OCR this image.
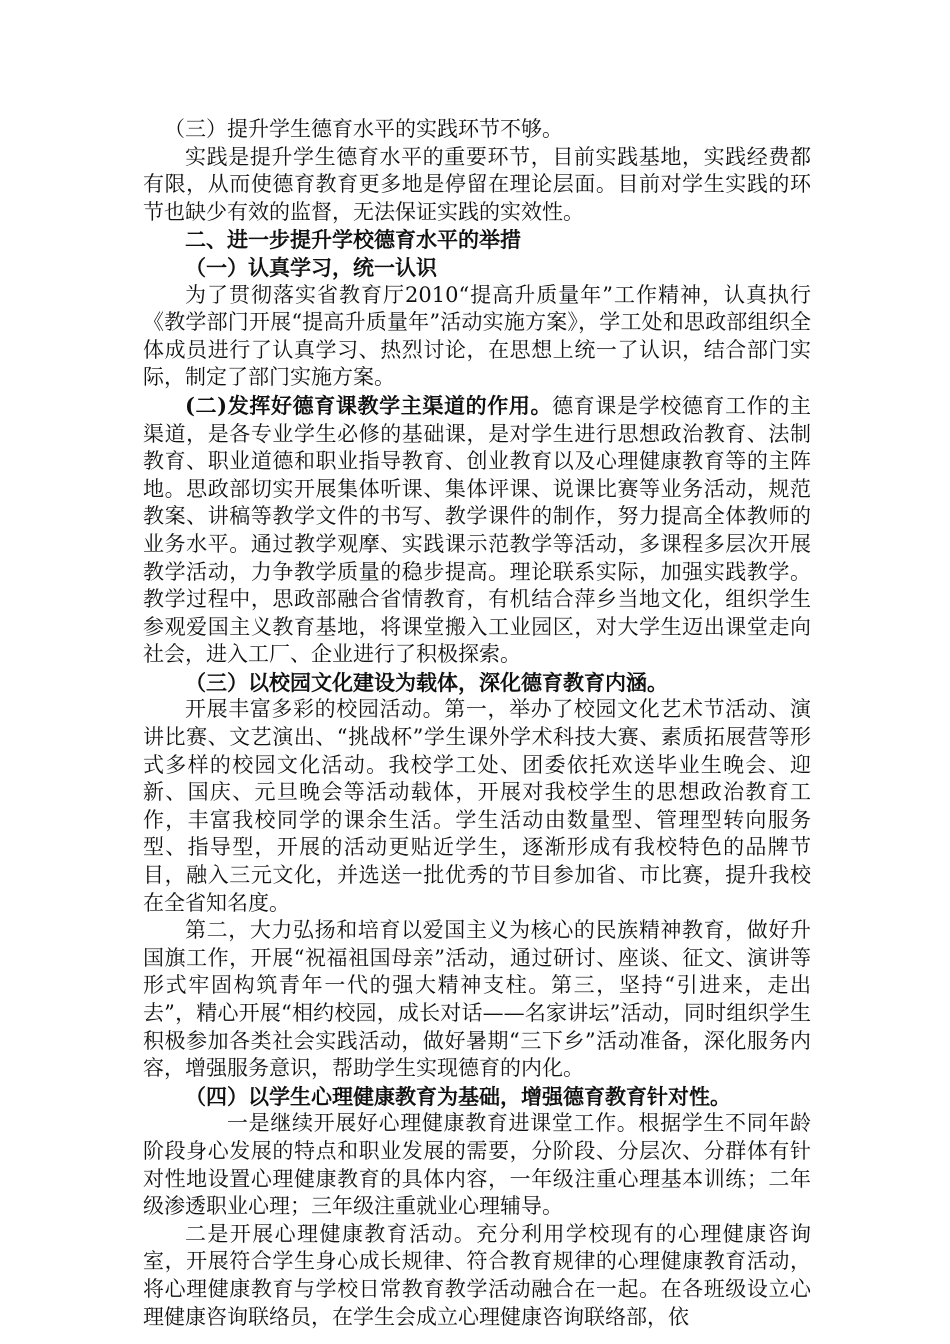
（三）提升学生德育水平的实践环节不够。

实践是提升学生德育水平的重要环节，目前实践基地，实践经费都有限，从而使德育教育更多地是停留在理论层面。目前对学生实践的环节也缺少有效的监督，无法保证实践的实效性。

二、进一步提升学校德育水平的举措

（一）认真学习，统一认识

为了贯彻落实省教育厅2010“提高升质量年”工作精神，认真执行《教学部门开展“提高升质量年”活动实施方案》，学工处和思政部组织全体成员进行了认真学习、热烈讨论，在思想上统一了认识，结合部门实际，制定了部门实施方案。

(二)发挥好德育课教学主渠道的作用。德育课是学校德育工作的主渠道，是各专业学生必修的基础课，是对学生进行思想政治教育、法制教育、职业道德和职业指导教育、创业教育以及心理健康教育等的主阵地。思政部切实开展集体听课、集体评课、说课比赛等业务活动，规范教案、讲稿等教学文件的书写、教学课件的制作，努力提高全体教师的业务水平。通过教学观摩、实践课示范教学等活动，多课程多层次开展教学活动，力争教学质量的稳步提高。理论联系实际，加强实践教学。教学过程中，思政部融合省情教育，有机结合萍乡当地文化，组织学生参观爱国主义教育基地，将课堂搬入工业园区，对大学生迈出课堂走向社会，进入工厂、企业进行了积极探索。

（三）以校园文化建设为载体，深化德育教育内涵。

开展丰富多彩的校园活动。第一，举办了校园文化艺术节活动、演讲比赛、文艺演出、“挑战杯”学生课外学术科技大赛、素质拓展营等形式多样的校园文化活动。我校学工处、团委依托欢送毕业生晚会、迎新、国庆、元旦晚会等活动载体，开展对我校学生的思想政治教育工作，丰富我校同学的课余生活。学生活动由数量型、管理型转向服务型、指导型，开展的活动更贴近学生，逐渐形成有我校特色的品牌节目，融入三元文化，并选送一批优秀的节目参加省、市比赛，提升我校在全省知名度。

第二，大力弘扬和培育以爱国主义为核心的民族精神教育，做好升国旗工作，开展“祝福祖国母亲”活动，通过研讨、座谈、征文、演讲等形式牢固构筑青年一代的强大精神支柱。第三，坚持“引进来，走出去”，精心开展“相约校园，成长对话——名家讲坛”活动，同时组织学生积极参加各类社会实践活动，做好暑期“三下乡”活动准备，深化服务内容，增强服务意识，帮助学生实现德育的内化。

（四）以学生心理健康教育为基础，增强德育教育针对性。

一是继续开展好心理健康教育进课堂工作。根据学生不同年龄阶段身心发展的特点和职业发展的需要，分阶段、分层次、分群体有针对性地设置心理健康教育的具体内容，一年级注重心理基本训练；二年级渗透职业心理；三年级注重就业心理辅导。

二是开展心理健康教育活动。充分利用学校现有的心理健康咨询室，开展符合学生身心成长规律、符合教育规律的心理健康教育活动，将心理健康教育与学校日常教育教学活动融合在一起。在各班级设立心理健康咨询联络员，在学生会成立心理健康咨询联络部，依
